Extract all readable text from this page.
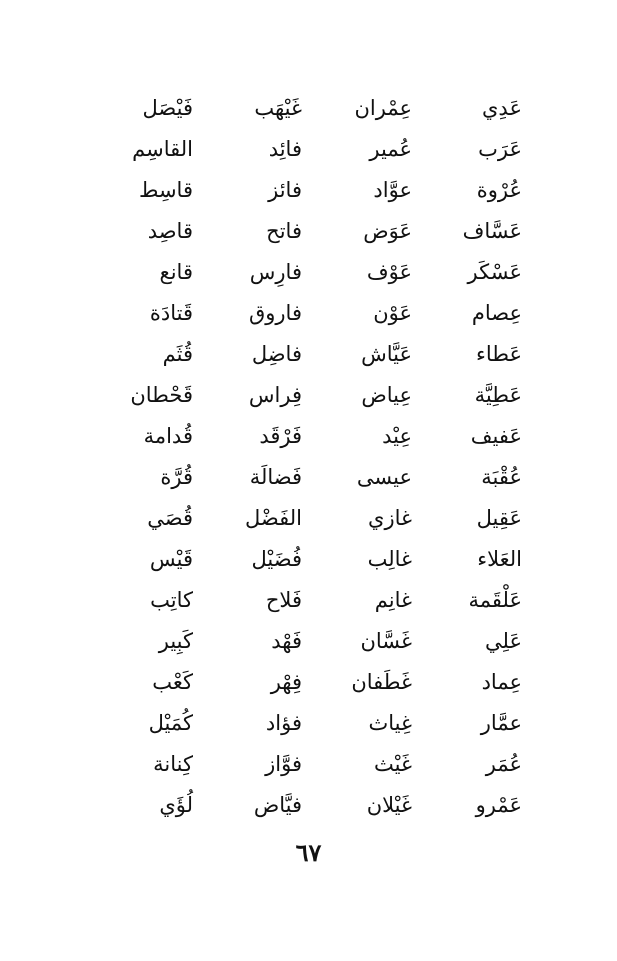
عَدِي
عِمْران
غَيْهَب
فَيْصَل
عَرَب
عُمير
فائِد
القاسِم
عُرْوة
عوَّاد
فائز
قاسِط
عَسَّاف
عَوَض
فاتح
قاصِد
عَسْكَر
عَوْف
فارِس
قانع
عِصام
عَوْن
فاروق
قَتادَة
عَطاء
عَيَّاش
فاضِل
قُثَم
عَطِيَّة
عِياض
فِراس
قَحْطان
عَفيف
عِيْد
فَرْقَد
قُدامة
عُقْبَة
عيسى
فَضالَة
قُرَّة
عَقِيل
غازي
الفَضْل
قُصَي
العَلاء
غالِب
فُضَيْل
قَيْس
عَلْقَمة
غانِم
فَلاح
كاتِب
عَلِي
غَسَّان
فَهْد
كَبِير
عِماد
غَطَفان
فِهْر
كَعْب
عمَّار
غِياث
فؤاد
كُمَيْل
عُمَر
غَيْث
فوَّاز
كِنانة
عَمْرو
غَيْلان
فيَّاض
لُؤَي
٦٧
